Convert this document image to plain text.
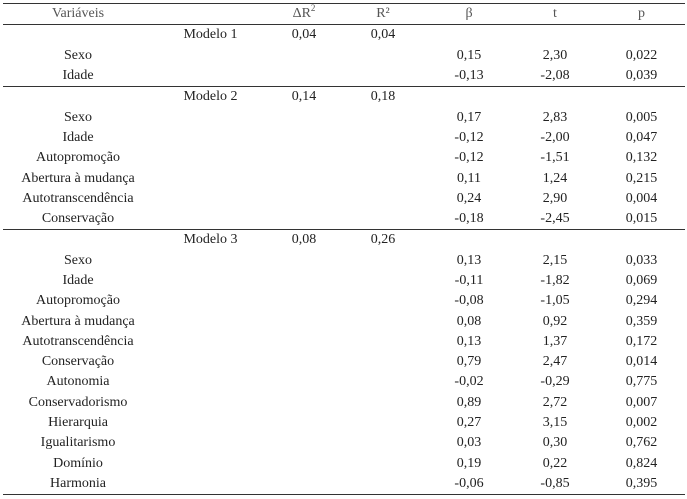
Variáveis		$\Delta R^2$	R²	β	t	p
	Modelo 1	0,04	0,04			
Sexo				0,15	2,30	0,022
Idade				-0,13	-2,08	0,039
	Modelo 2	0,14	0,18			
Sexo				0,17	2,83	0,005
Idade				-0,12	-2,00	0,047
Autopromoção				-0,12	-1,51	0,132
Abertura à mudança				0,11	1,24	0,215
Autotranscendência				0,24	2,90	0,004
Conservação				-0,18	-2,45	0,015
	Modelo 3	0,08	0,26			
Sexo				0,13	2,15	0,033
Idade				-0,11	-1,82	0,069
Autopromoção				-0,08	-1,05	0,294
Abertura à mudança				0,08	0,92	0,359
Autotranscendência				0,13	1,37	0,172
Conservação				0,79	2,47	0,014
Autonomia				-0,02	-0,29	0,775
Conservadorismo				0,89	2,72	0,007
Hierarquia				0,27	3,15	0,002
Igualitarismo				0,03	0,30	0,762
Domínio				0,19	0,22	0,824
Harmonia				-0,06	-0,85	0,395
